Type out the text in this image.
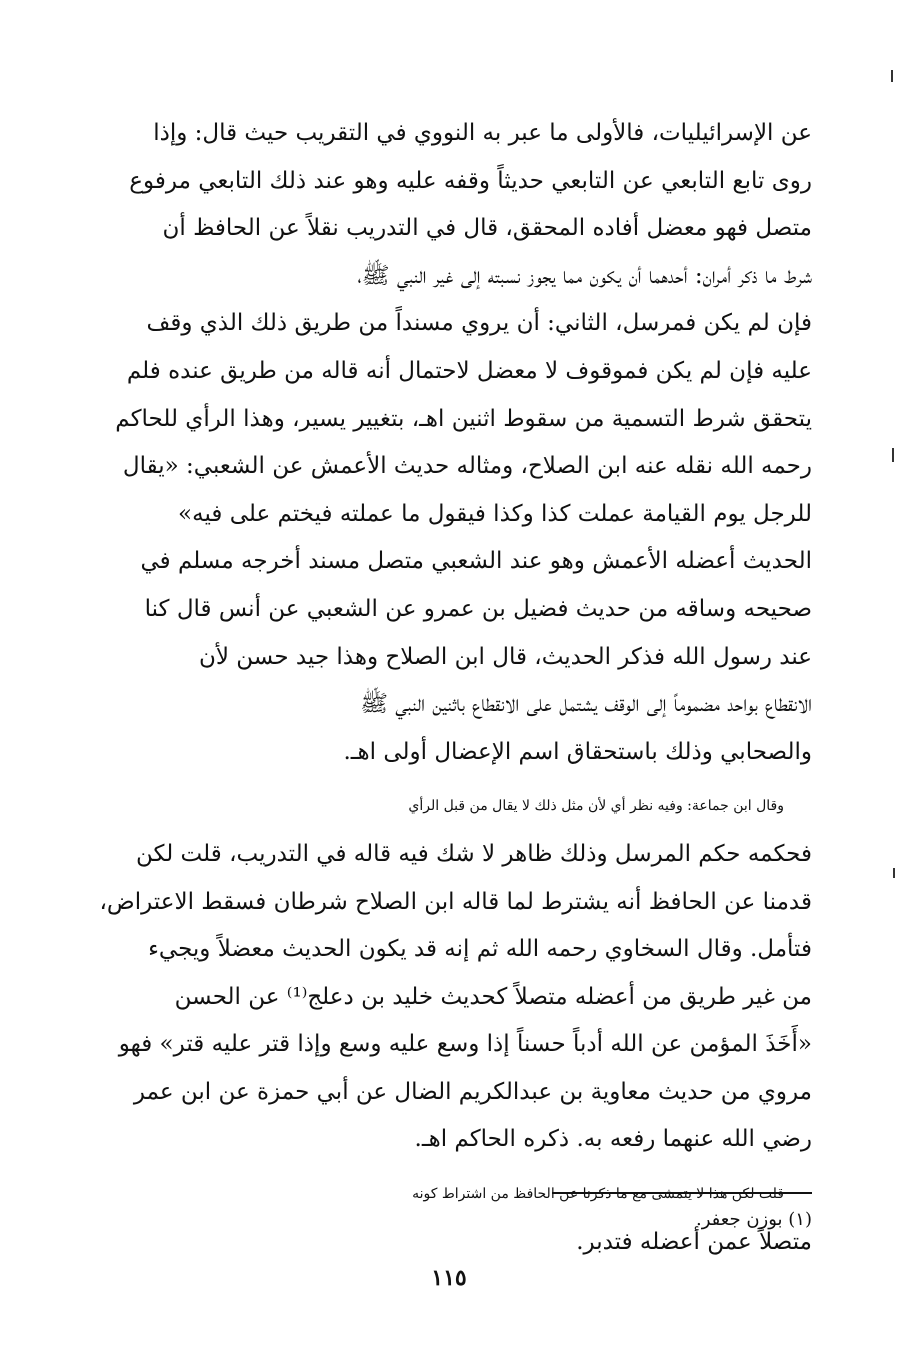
عن الإسرائيليات، فالأولى ما عبر به النووي في التقريب حيث قال: وإذا
روى تابع التابعي عن التابعي حديثاً وقفه عليه وهو عند ذلك التابعي مرفوع
متصل فهو معضل أفاده المحقق، قال في التدريب نقلاً عن الحافظ أن
شرط ما ذكر أمران: أحدهما أن يكون مما يجوز نسبته إلى غير النبي ﷺ،
فإن لم يكن فمرسل، الثاني: أن يروي مسنداً من طريق ذلك الذي وقف
عليه فإن لم يكن فموقوف لا معضل لاحتمال أنه قاله من طريق عنده فلم
يتحقق شرط التسمية من سقوط اثنين اهـ، بتغيير يسير، وهذا الرأي للحاكم
رحمه الله نقله عنه ابن الصلاح، ومثاله حديث الأعمش عن الشعبي: «يقال
للرجل يوم القيامة عملت كذا وكذا فيقول ما عملته فيختم على فيه»
الحديث أعضله الأعمش وهو عند الشعبي متصل مسند أخرجه مسلم في
صحيحه وساقه من حديث فضيل بن عمرو عن الشعبي عن أنس قال كنا
عند رسول الله فذكر الحديث، قال ابن الصلاح وهذا جيد حسن لأن
الانقطاع بواحد مضموماً إلى الوقف يشتمل على الانقطاع باثنين النبي ﷺ
والصحابي وذلك باستحقاق اسم الإعضال أولى اهـ.

وقال ابن جماعة: وفيه نظر أي لأن مثل ذلك لا يقال من قبل الرأي
فحكمه حكم المرسل وذلك ظاهر لا شك فيه قاله في التدريب، قلت لكن
قدمنا عن الحافظ أنه يشترط لما قاله ابن الصلاح شرطان فسقط الاعتراض،
فتأمل. وقال السخاوي رحمه الله ثم إنه قد يكون الحديث معضلاً ويجيء
من غير طريق من أعضله متصلاً كحديث خليد بن دعلج⁽¹⁾ عن الحسن
«أَخَذَ المؤمن عن الله أدباً حسناً إذا وسع عليه وسع وإذا قتر عليه قتر» فهو
مروي من حديث معاوية بن عبدالكريم الضال عن أبي حمزة عن ابن عمر
رضي الله عنهما رفعه به. ذكره الحاكم اهـ.

قلت لكن هذا لا يتمشى مع ما ذكرنا عن الحافظ من اشتراط كونه
متصلاً عمن أعضله فتدبر.

(١) بوزن جعفر.
١١٥
